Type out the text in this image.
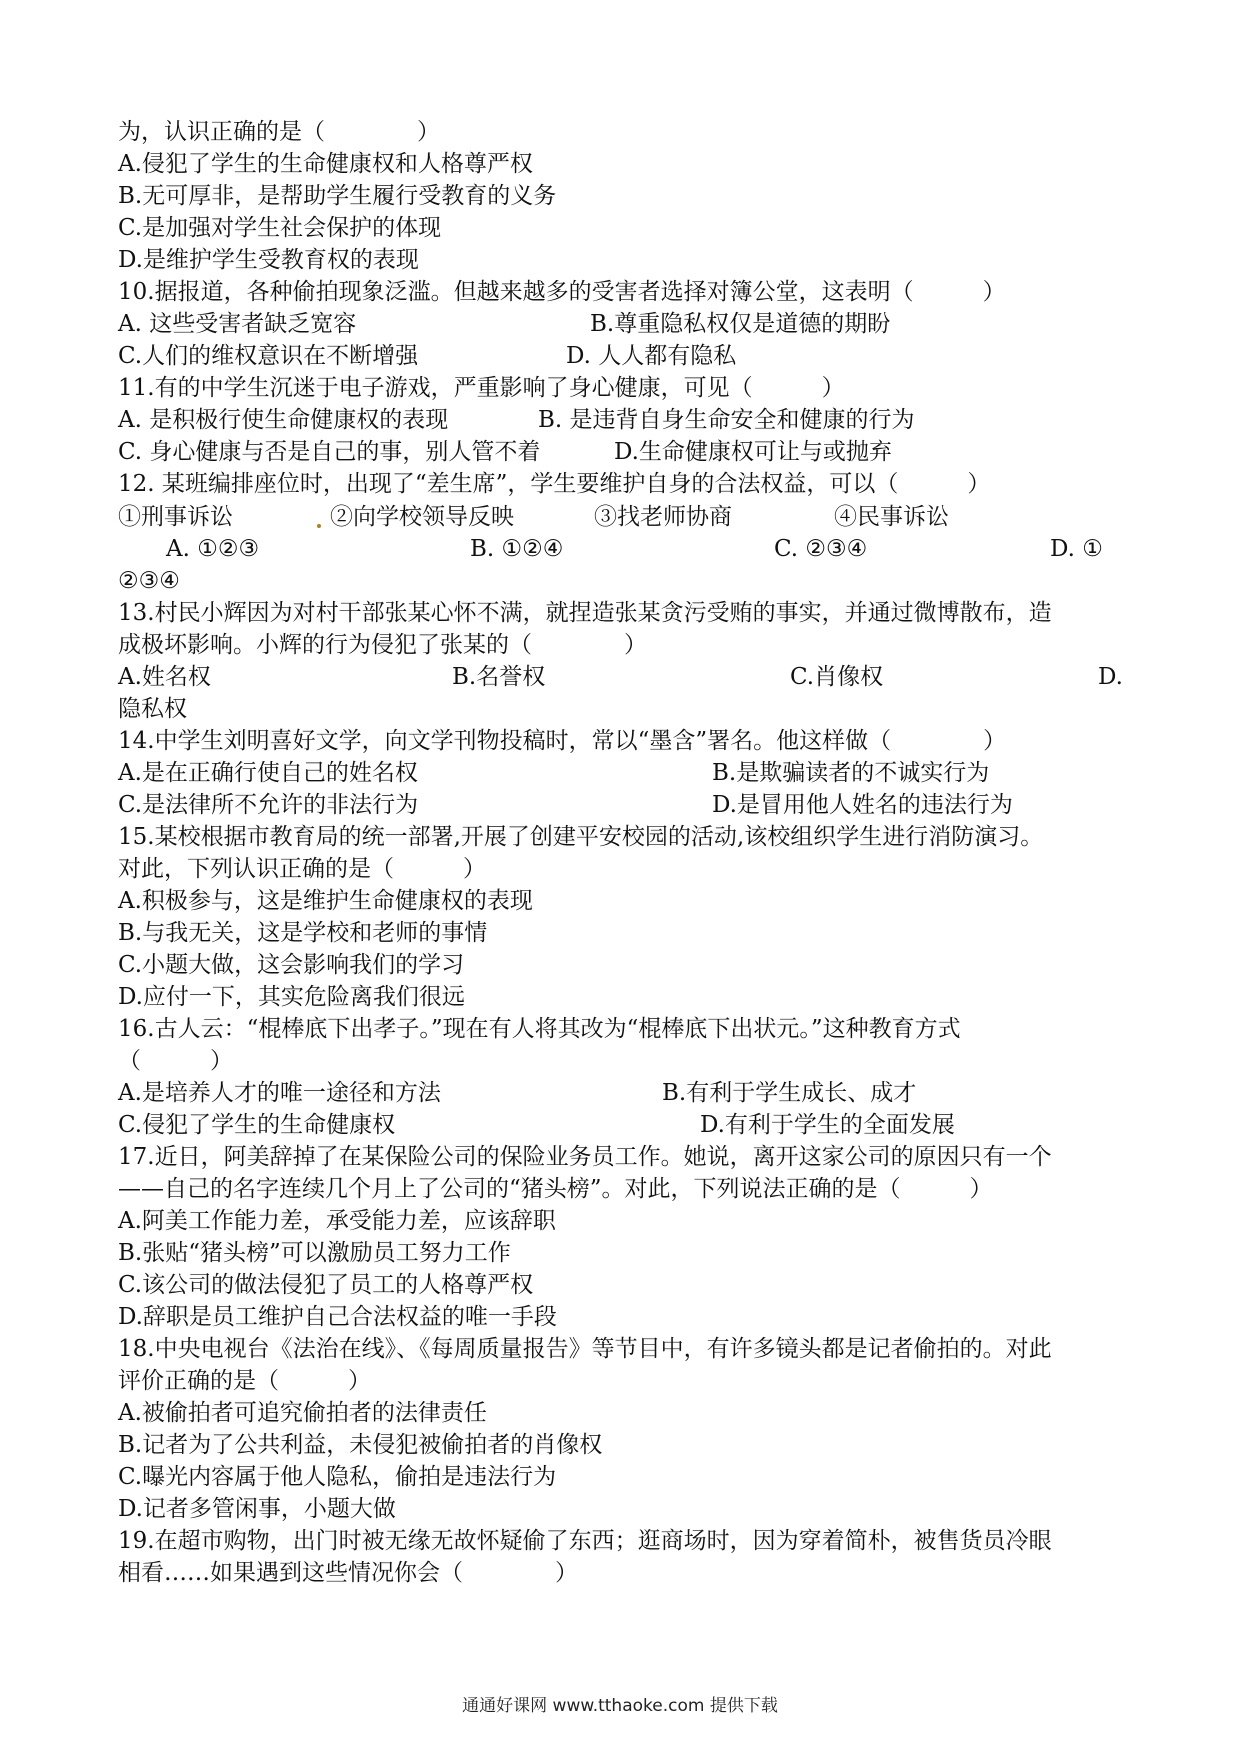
为，认识正确的是（　　　　）
A.侵犯了学生的生命健康权和人格尊严权
B.无可厚非，是帮助学生履行受教育的义务
C.是加强对学生社会保护的体现
D.是维护学生受教育权的表现
10.据报道，各种偷拍现象泛滥。但越来越多的受害者选择对簿公堂，这表明（　　　）
A. 这些受害者缺乏宽容	B.尊重隐私权仅是道德的期盼
C.人们的维权意识在不断增强	D. 人人都有隐私
11.有的中学生沉迷于电子游戏，严重影响了身心健康，可见（　　　）
A. 是积极行使生命健康权的表现	B. 是违背自身生命安全和健康的行为
C. 身心健康与否是自己的事，别人管不着	D.生命健康权可让与或抛弃
12. 某班编排座位时，出现了“差生席”，学生要维护自身的合法权益，可以（　　　）
①刑事诉讼	②向学校领导反映	③找老师协商	④民事诉讼
A. ①②③	B. ①②④	C. ②③④	D. ①
②③④
13.村民小辉因为对村干部张某心怀不满，就捏造张某贪污受贿的事实，并通过微博散布，造
成极坏影响。小辉的行为侵犯了张某的（　　　　）
A.姓名权	B.名誉权	C.肖像权	D.
隐私权
14.中学生刘明喜好文学，向文学刊物投稿时，常以“墨含”署名。他这样做（　　　　）
A.是在正确行使自己的姓名权	B.是欺骗读者的不诚实行为
C.是法律所不允许的非法行为	D.是冒用他人姓名的违法行为
15.某校根据市教育局的统一部署,开展了创建平安校园的活动,该校组织学生进行消防演习。
对此，下列认识正确的是（　　　）
A.积极参与，这是维护生命健康权的表现
B.与我无关，这是学校和老师的事情
C.小题大做，这会影响我们的学习
D.应付一下，其实危险离我们很远
16.古人云：“棍棒底下出孝子。”现在有人将其改为“棍棒底下出状元。”这种教育方式
（　　　）
A.是培养人才的唯一途径和方法	B.有利于学生成长、成才
C.侵犯了学生的生命健康权	D.有利于学生的全面发展
17.近日，阿美辞掉了在某保险公司的保险业务员工作。她说，离开这家公司的原因只有一个
——自己的名字连续几个月上了公司的“猪头榜”。对此，下列说法正确的是（　　　）
A.阿美工作能力差，承受能力差，应该辞职
B.张贴“猪头榜”可以激励员工努力工作
C.该公司的做法侵犯了员工的人格尊严权
D.辞职是员工维护自己合法权益的唯一手段
18.中央电视台《法治在线》、《每周质量报告》等节目中，有许多镜头都是记者偷拍的。对此
评价正确的是（　　　）
A.被偷拍者可追究偷拍者的法律责任
B.记者为了公共利益，未侵犯被偷拍者的肖像权
C.曝光内容属于他人隐私，偷拍是违法行为
D.记者多管闲事，小题大做
19.在超市购物，出门时被无缘无故怀疑偷了东西；逛商场时，因为穿着简朴，被售货员冷眼
相看……如果遇到这些情况你会（　　　　）
通通好课网 www.tthaoke.com 提供下载
